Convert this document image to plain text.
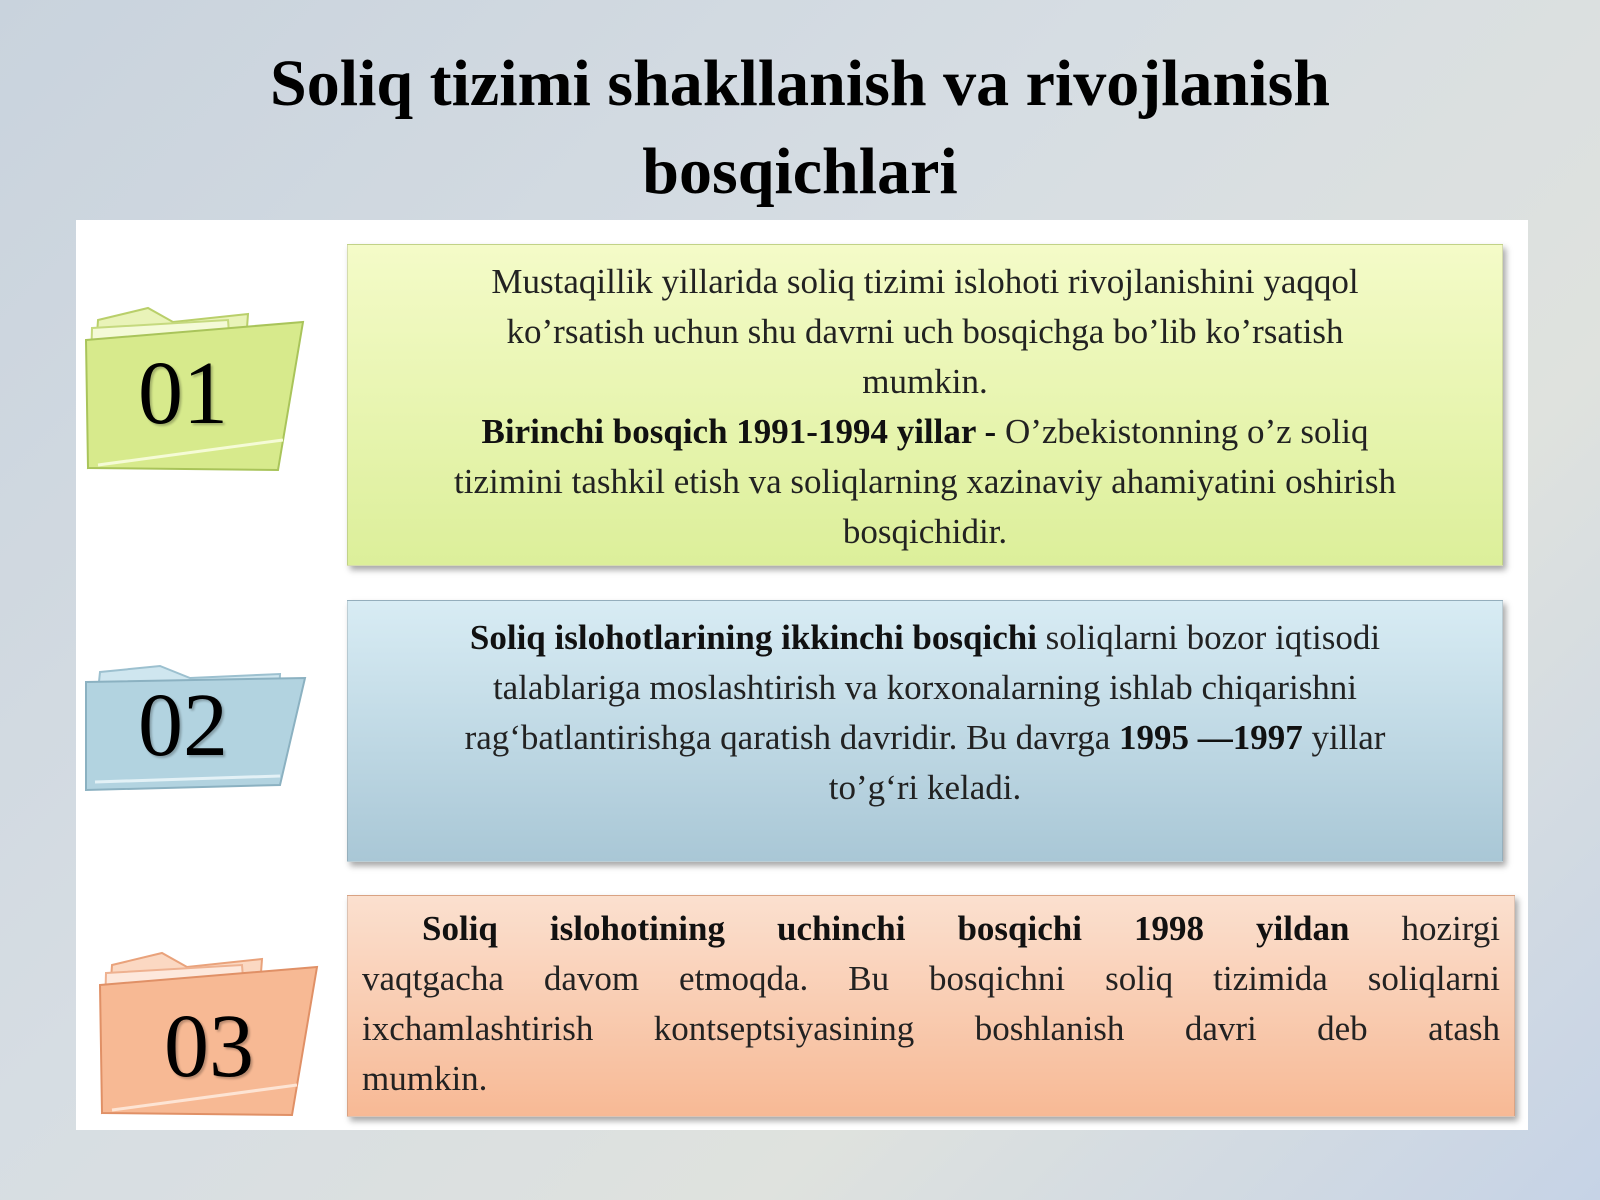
Soliq tizimi shakllanish va rivojlanish
bosqichlari
01
02
03

Mustaqillik yillarida soliq tizimi islohoti rivojlanishini yaqqol

ko’rsatish uchun shu davrni uch bosqichga bo’lib ko’rsatish

mumkin.

Birinchi bosqich 1991-1994 yillar - O’zbekistonning o’z soliq

tizimini tashkil etish va soliqlarning xazinaviy ahamiyatini oshirish

bosqichidir.

Soliq islohotlarining ikkinchi bosqichi soliqlarni bozor iqtisodi

talablariga moslashtirish va korxonalarning ishlab chiqarishni

rag‘batlantirishga qaratish davridir. Bu davrga 1995 —1997 yillar

to’g‘ri keladi.

Soliq islohotining uchinchi bosqichi 1998 yildan hozirgi
vaqtgacha davom etmoqda. Bu bosqichni soliq tizimida soliqlarni
ixchamlashtirish kontseptsiyasining boshlanish davri deb atash
mumkin.
